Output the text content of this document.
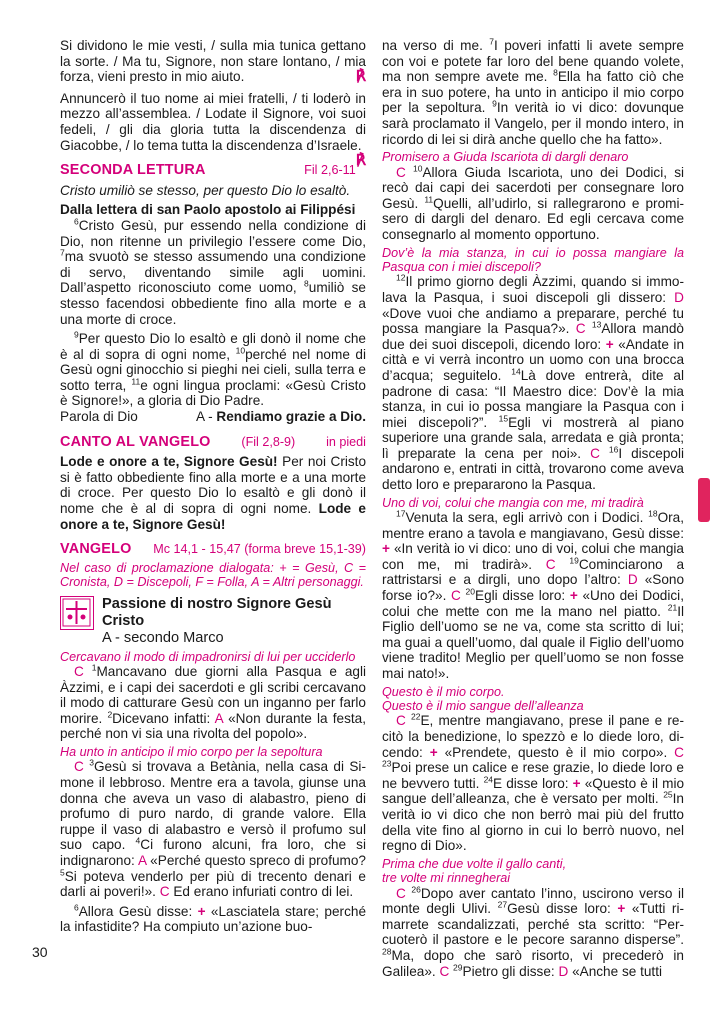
Si dividono le mie vesti, / sulla mia tunica gettano la sorte. / Ma tu, Signore, non stare lontano, / mia forza, vieni presto in mio aiuto.	℟

Annuncerò il tuo nome ai miei fratelli, / ti loderò in mezzo all’assemblea. / Lodate il Signore, voi suoi fedeli, / gli dia gloria tutta la discendenza di Giacobbe, / lo tema tutta la discendenza d’Israele.
℟

SECONDA LETTURA	Fil 2,6-11

Cristo umiliò se stesso, per questo Dio lo esaltò.

Dalla lettera di san Paolo apostolo ai Filippési

$^6$Cristo Gesù, pur essendo nella condizione di Dio, non ritenne un privilegio l’essere come Dio, $^7$ma svuotò se stesso assumendo una condizione di servo, diventando simile agli uomini. Dall’aspetto riconosciuto come uomo, $^8$umiliò se stesso facendosi obbediente fino alla morte e a una morte di croce.

$^9$Per questo Dio lo esaltò e gli donò il nome che è al di sopra di ogni nome, $^{10}$perché nel nome di Gesù ogni ginocchio si pieghi nei cieli, sulla terra e sotto terra, $^{11}$e ogni lingua proclami: «Gesù Cristo è Signore!», a gloria di Dio Padre.

Parola di Dio	A - Rendiamo grazie a Dio.

CANTO AL VANGELO (Fil 2,8-9) in piedi

Lode e onore a te, Signore Gesù! Per noi Cristo si è fatto obbediente fino alla morte e a una morte di croce. Per questo Dio lo esaltò e gli donò il nome che è al di sopra di ogni nome. Lode e onore a te, Signore Gesù!

VANGELO Mc 14,1 - 15,47 (forma breve 15,1-39)

Nel caso di proclamazione dialogata: + = Gesù, C = Cronista, D = Discepoli, F = Folla, A = Altri personaggi.

Passione di nostro Signore Gesù Cristo
A - secondo Marco

Cercavano il modo di impadronirsi di lui per ucciderlo

C $^1$Mancavano due giorni alla Pasqua e agli Àzzimi, e i capi dei sacerdoti e gli scribi cercavano il modo di catturare Gesù con un inganno per farlo morire. $^2$Dicevano infatti: A «Non durante la festa, perché non vi sia una rivolta del popolo».

Ha unto in anticipo il mio corpo per la sepoltura

C $^3$Gesù si trovava a Betània, nella casa di Simone il lebbroso. Mentre era a tavola, giunse una donna che aveva un vaso di alabastro, pieno di profumo di puro nardo, di grande valore. Ella ruppe il vaso di alabastro e versò il profumo sul suo capo. $^4$Ci furono alcuni, fra loro, che si indignarono: A «Perché questo spreco di profumo? $^5$Si poteva venderlo per più di trecento denari e darli ai poveri!». C Ed erano infuriati contro di lei.

$^6$Allora Gesù disse: + «Lasciatela stare; perché la infastidite? Ha compiuto un’azione buo-

na verso di me. $^7$I poveri infatti li avete sempre con voi e potete far loro del bene quando volete, ma non sempre avete me. $^8$Ella ha fatto ciò che era in suo potere, ha unto in anticipo il mio corpo per la sepoltura. $^9$In verità io vi dico: dovunque sarà proclamato il Vangelo, per il mondo intero, in ricordo di lei si dirà anche quello che ha fatto».

Promisero a Giuda Iscariota di dargli denaro

C $^{10}$Allora Giuda Iscariota, uno dei Dodici, si recò dai capi dei sacerdoti per consegnare loro Gesù. $^{11}$Quelli, all’udirlo, si rallegrarono e promisero di dargli del denaro. Ed egli cercava come consegnarlo al momento opportuno.

Dov’è la mia stanza, in cui io possa mangiare la Pasqua con i miei discepoli?

$^{12}$Il primo giorno degli Àzzimi, quando si immolava la Pasqua, i suoi discepoli gli dissero: D «Dove vuoi che andiamo a preparare, perché tu possa mangiare la Pasqua?». C $^{13}$Allora mandò due dei suoi discepoli, dicendo loro: + «Andate in città e vi verrà incontro un uomo con una brocca d’acqua; seguitelo. $^{14}$Là dove entrerà, dite al padrone di casa: “Il Maestro dice: Dov’è la mia stanza, in cui io possa mangiare la Pasqua con i miei discepoli?”. $^{15}$Egli vi mostrerà al piano superiore una grande sala, arredata e già pronta; lì preparate la cena per noi». C $^{16}$I discepoli andarono e, entrati in città, trovarono come aveva detto loro e prepararono la Pasqua.

Uno di voi, colui che mangia con me, mi tradirà

$^{17}$Venuta la sera, egli arrivò con i Dodici. $^{18}$Ora, mentre erano a tavola e mangiavano, Gesù disse: + «In verità io vi dico: uno di voi, colui che mangia con me, mi tradirà». C $^{19}$Cominciarono a rattristarsi e a dirgli, uno dopo l’altro: D «Sono forse io?». C $^{20}$Egli disse loro: + «Uno dei Dodici, colui che mette con me la mano nel piatto. $^{21}$Il Figlio dell’uomo se ne va, come sta scritto di lui; ma guai a quell’uomo, dal quale il Figlio dell’uomo viene tradito! Meglio per quell’uomo se non fosse mai nato!».

Questo è il mio corpo.
Questo è il mio sangue dell’alleanza

C $^{22}$E, mentre mangiavano, prese il pane e recitò la benedizione, lo spezzò e lo diede loro, dicendo: + «Prendete, questo è il mio corpo». C $^{23}$Poi prese un calice e rese grazie, lo diede loro e ne bevvero tutti. $^{24}$E disse loro: + «Questo è il mio sangue dell’alleanza, che è versato per molti. $^{25}$In verità io vi dico che non berrò mai più del frutto della vite fino al giorno in cui lo berrò nuovo, nel regno di Dio».

Prima che due volte il gallo canti,
tre volte mi rinnegherai

C $^{26}$Dopo aver cantato l’inno, uscirono verso il monte degli Ulivi. $^{27}$Gesù disse loro: + «Tutti rimarrete scandalizzati, perché sta scritto: “Percuoterò il pastore e le pecore saranno disperse”. $^{28}$Ma, dopo che sarò risorto, vi precederò in Galilea». C $^{29}$Pietro gli disse: D «Anche se tutti

30
